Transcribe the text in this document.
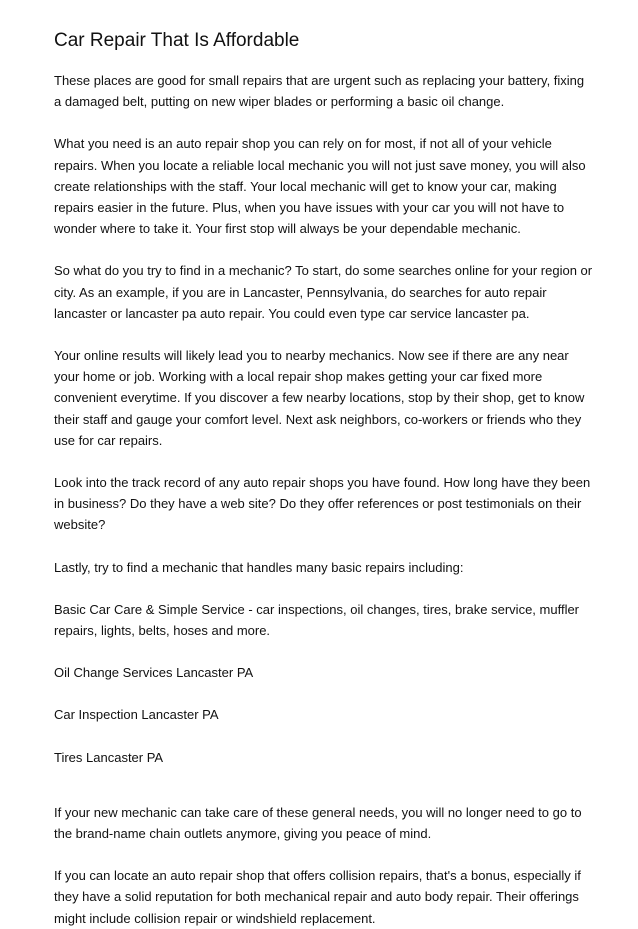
Car Repair That Is Affordable

These places are good for small repairs that are urgent such as replacing your battery, fixing a damaged belt, putting on new wiper blades or performing a basic oil change.

What you need is an auto repair shop you can rely on for most, if not all of your vehicle repairs. When you locate a reliable local mechanic you will not just save money, you will also create relationships with the staff. Your local mechanic will get to know your car, making repairs easier in the future. Plus, when you have issues with your car you will not have to wonder where to take it. Your first stop will always be your dependable mechanic.

So what do you try to find in a mechanic? To start, do some searches online for your region or city. As an example, if you are in Lancaster, Pennsylvania, do searches for auto repair lancaster or lancaster pa auto repair. You could even type car service lancaster pa.

Your online results will likely lead you to nearby mechanics. Now see if there are any near your home or job. Working with a local repair shop makes getting your car fixed more convenient everytime. If you discover a few nearby locations, stop by their shop, get to know their staff and gauge your comfort level. Next ask neighbors, co-workers or friends who they use for car repairs.

Look into the track record of any auto repair shops you have found. How long have they been in business? Do they have a web site? Do they offer references or post testimonials on their website?

Lastly, try to find a mechanic that handles many basic repairs including:

Basic Car Care & Simple Service - car inspections, oil changes, tires, brake service, muffler repairs, lights, belts, hoses and more.

Oil Change Services Lancaster PA

Car Inspection Lancaster PA

Tires Lancaster PA

If your new mechanic can take care of these general needs, you will no longer need to go to the brand-name chain outlets anymore, giving you peace of mind.

If you can locate an auto repair shop that offers collision repairs, that's a bonus, especially if they have a solid reputation for both mechanical repair and auto body repair. Their offerings might include collision repair or windshield replacement.
